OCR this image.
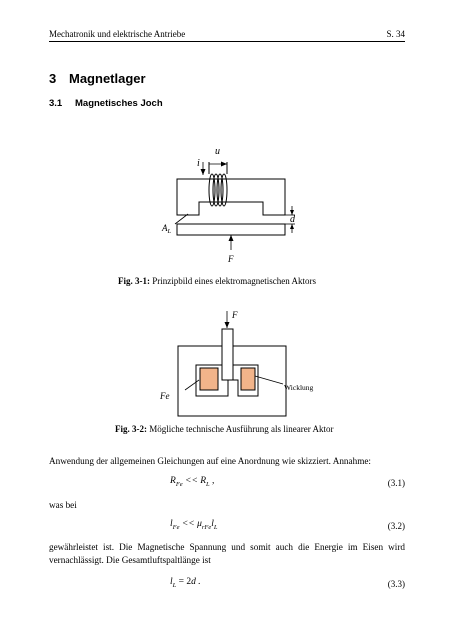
Mechatronik und elektrische Antriebe	S. 34
3 Magnetlager
3.1 Magnetisches Joch
u
i
$A_L$
d
F
Fig. 3-1: Prinzipbild eines elektromagnetischen Aktors
F
Fe
Wicklung
Fig. 3-2: Mögliche technische Ausführung als linearer Aktor
Anwendung der allgemeinen Gleichungen auf eine Anordnung wie skizziert. Annahme:
$R_{Fe} << R_L$ ,	(3.1)
was bei
$l_{Fe} << \mu_{rFe}l_L$	(3.2)
gewährleistet ist. Die Magnetische Spannung und somit auch die Energie im Eisen wird vernachlässigt. Die Gesamtluftspaltlänge ist
$l_L = 2d$ .	(3.3)
